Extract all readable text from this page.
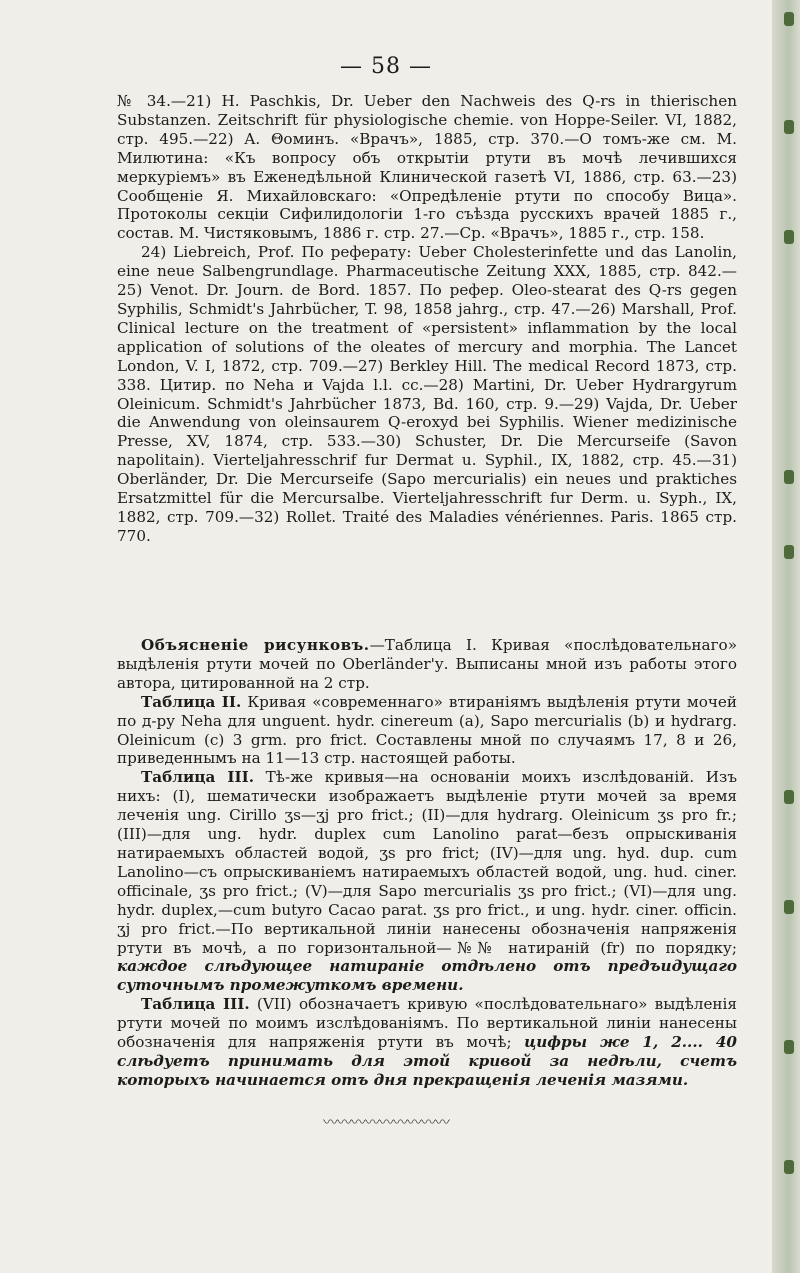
— 58 —

№ 34.—21) H. Paschkis, Dr. Ueber den Nachweis des Q-rs in thierischen Substanzen. Zeitschrift für physiologische chemie. von Hoppe-Seiler. VI, 1882, стр. 495.—22) A. Θоминъ. «Врачъ», 1885, стр. 370.—О томъ-же см. М. Милютина: «Къ вопросу объ открытіи ртути въ мочѣ лечившихся меркуріемъ» въ Еженедѣльной Клинической газетѣ VI, 1886, стр. 63.—23) Сообщеніе Я. Михайловскаго: «Опредѣленіе ртути по способу Вица». Протоколы секціи Сифилидологіи 1-го съѣзда русскихъ врачей 1885 г., состав. М. Чистяковымъ, 1886 г. стр. 27.—Ср. «Врачъ», 1885 г., стр. 158.

24) Liebreich, Prof. По реферату: Ueber Cholesterinfette und das Lanolin, eine neue Salbengrundlage. Pharmaceutische Zeitung XXX, 1885, стр. 842.—25) Venot. Dr. Journ. de Bord. 1857. По рефер. Oleo-stearat des Q-rs gegen Syphilis, Schmidt's Jahrbücher, T. 98, 1858 jahrg., стр. 47.—26) Marshall, Prof. Clinical lecture on the treatment of «persistent» inflammation by the local application of solutions of the oleates of mercury and morphia. The Lancet London, V. I, 1872, стр. 709.—27) Berkley Hill. The medical Record 1873, стр. 338. Цитир. по Neha и Vajda l.l. сс.—28) Martini, Dr. Ueber Hydrargyrum Oleinicum. Schmidt's Jahrbücher 1873, Bd. 160, стр. 9.—29) Vajda, Dr. Ueber die Anwendung von oleinsaurem Q-eroxyd bei Syphilis. Wiener medizinische Presse, XV, 1874, стр. 533.—30) Schuster, Dr. Die Mercurseife (Savon napolitain). Vierteljahresschrif fur Dermat u. Syphil., IX, 1882, стр. 45.—31) Oberländer, Dr. Die Mercurseife (Sapo mercurialis) ein neues und praktiches Ersatzmittel für die Mercursalbe. Vierteljahresschrift fur Derm. u. Syph., IX, 1882, стр. 709.—32) Rollet. Traité des Maladies vénériennes. Paris. 1865 стр. 770.

Объясненіе рисунковъ.—Таблица I. Кривая «послѣдовательнаго» выдѣленія ртути мочей по Oberländer'у. Выписаны мной изъ работы этого автора, цитированной на 2 стр.

Таблица II. Кривая «современнаго» втираніямъ выдѣленія ртути мочей по д-ру Neha для unguent. hydr. cinereum (a), Sapo mercurialis (b) и hydrarg. Oleinicum (c) 3 grm. pro frict. Составлены мной по случаямъ 17, 8 и 26, приведеннымъ на 11—13 стр. настоящей работы.

Таблица III. Тѣ-же кривыя—на основаніи моихъ изслѣдованій. Изъ нихъ: (I), шематически изображаетъ выдѣленіе ртути мочей за время леченія ung. Cirillo ʒs—ʒj pro frict.; (II)—для hydrarg. Oleinicum ʒs pro fr.; (III)—для ung. hydr. duplex cum Lanolino parat—безъ опрыскиванія натираемыхъ областей водой, ʒs pro frict; (IV)—для ung. hyd. dup. cum Lanolino—съ опрыскиваніемъ натираемыхъ областей водой, ung. hud. ciner. officinale, ʒs pro frict.; (V)—для Sapo mercurialis ʒs pro frict.; (VI)—для ung. hydr. duplex,—cum butyro Cacao parat. ʒs pro frict., и ung. hydr. ciner. officin. ʒj pro frict.—По вертикальной линіи нанесены обозначенія напряженія ртути въ мочѣ, а по горизонтальной—№№ натираній (fr) по порядку; каждое слѣдующее натираніе отдѣлено отъ предъидущаго суточнымъ промежуткомъ времени.

Таблица III. (VII) обозначаетъ кривую «послѣдовательнаго» выдѣленія ртути мочей по моимъ изслѣдованіямъ. По вертикальной линіи нанесены обозначенія для напряженія ртути въ мочѣ; цифры же 1, 2.... 40 слѣдуетъ принимать для этой кривой за недѣли, счетъ которыхъ начинается отъ дня прекращенія леченія мазями.

〰〰〰〰〰〰〰〰〰
